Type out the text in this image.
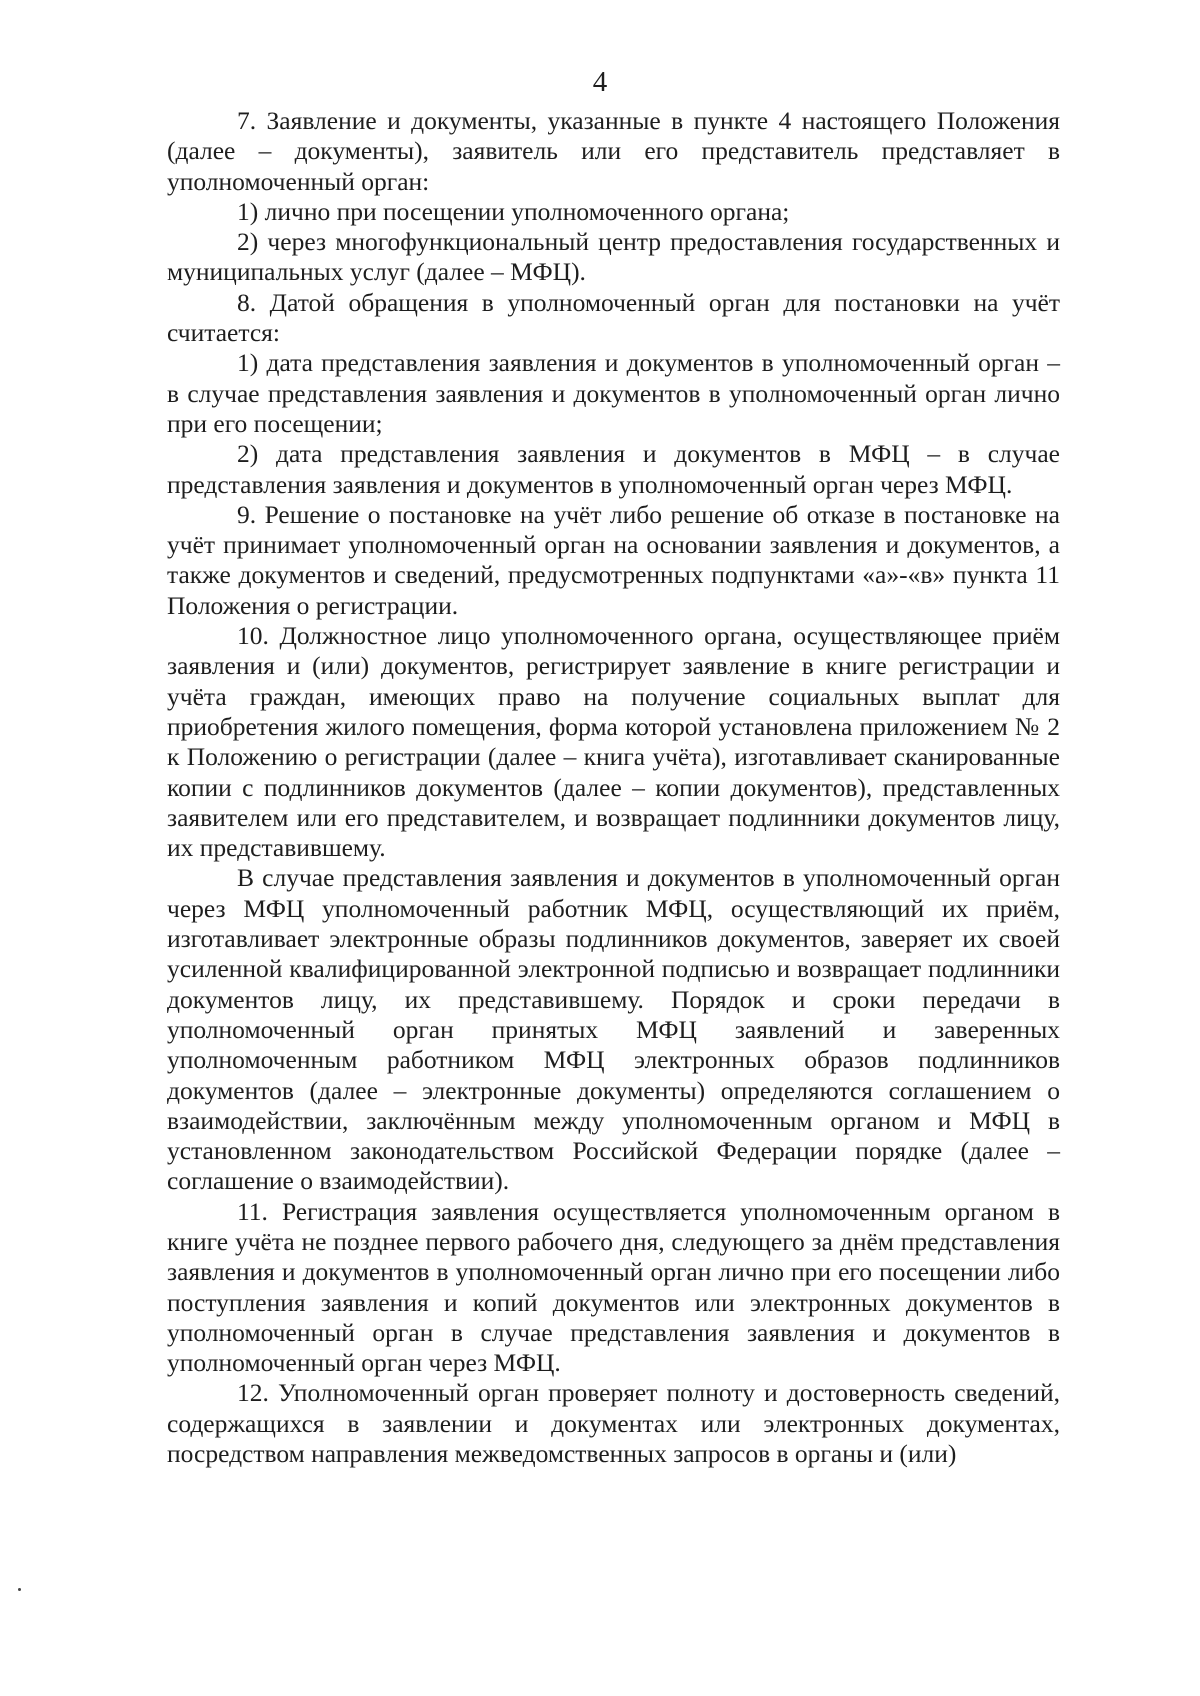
4

7. Заявление и документы, указанные в пункте 4 настоящего Положения (далее – документы), заявитель или его представитель представляет в уполномоченный орган:

1) лично при посещении уполномоченного органа;

2) через многофункциональный центр предоставления государственных и муниципальных услуг (далее – МФЦ).

8. Датой обращения в уполномоченный орган для постановки на учёт считается:

1) дата представления заявления и документов в уполномоченный орган – в случае представления заявления и документов в уполномоченный орган лично при его посещении;

2) дата представления заявления и документов в МФЦ – в случае представления заявления и документов в уполномоченный орган через МФЦ.

9. Решение о постановке на учёт либо решение об отказе в постановке на учёт принимает уполномоченный орган на основании заявления и документов, а также документов и сведений, предусмотренных подпунктами «а»-«в» пункта 11 Положения о регистрации.

10. Должностное лицо уполномоченного органа, осуществляющее приём заявления и (или) документов, регистрирует заявление в книге регистрации и учёта граждан, имеющих право на получение социальных выплат для приобретения жилого помещения, форма которой установлена приложением № 2 к Положению о регистрации (далее – книга учёта), изготавливает сканированные копии с подлинников документов (далее – копии документов), представленных заявителем или его представителем, и возвращает подлинники документов лицу, их представившему.

В случае представления заявления и документов в уполномоченный орган через МФЦ уполномоченный работник МФЦ, осуществляющий их приём, изготавливает электронные образы подлинников документов, заверяет их своей усиленной квалифицированной электронной подписью и возвращает подлинники документов лицу, их представившему. Порядок и сроки передачи в уполномоченный орган принятых МФЦ заявлений и заверенных уполномоченным работником МФЦ электронных образов подлинников документов (далее – электронные документы) определяются соглашением о взаимодействии, заключённым между уполномоченным органом и МФЦ в установленном законодательством Российской Федерации порядке (далее – соглашение о взаимодействии).

11. Регистрация заявления осуществляется уполномоченным органом в книге учёта не позднее первого рабочего дня, следующего за днём представления заявления и документов в уполномоченный орган лично при его посещении либо поступления заявления и копий документов или электронных документов в уполномоченный орган в случае представления заявления и документов в уполномоченный орган через МФЦ.

12. Уполномоченный орган проверяет полноту и достоверность сведений, содержащихся в заявлении и документах или электронных документах, посредством направления межведомственных запросов в органы и (или)
